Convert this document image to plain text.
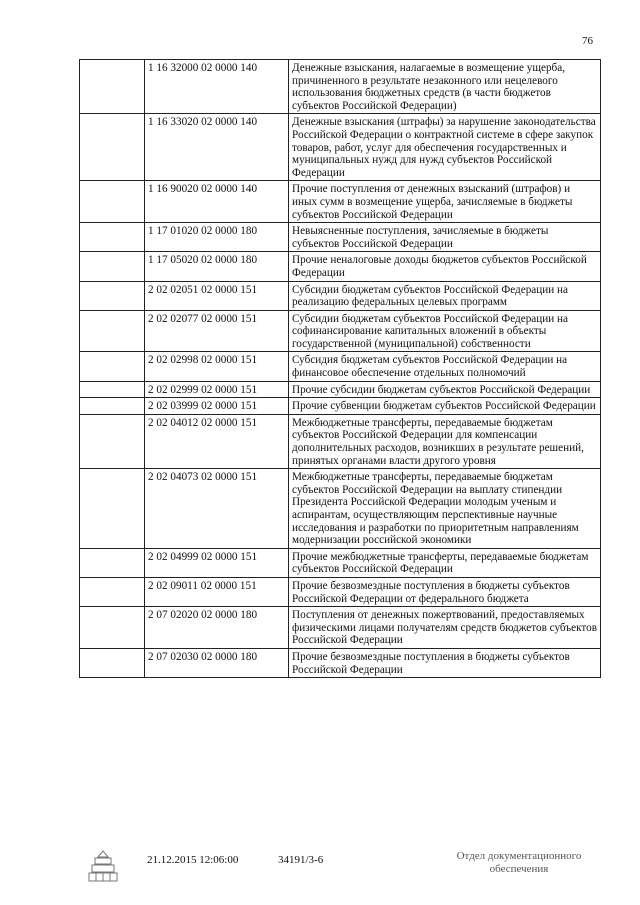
76
	1 16 32000 02 0000 140	Денежные взыскания, налагаемые в возмещение ущерба, причиненного в результате незаконного или нецелевого использования бюджетных средств (в части бюджетов субъектов Российской Федерации)
	1 16 33020 02 0000 140	Денежные взыскания (штрафы) за нарушение законодательства Российской Федерации о контрактной системе в сфере закупок товаров, работ, услуг для обеспечения государственных и муниципальных нужд для нужд субъектов Российской Федерации
	1 16 90020 02 0000 140	Прочие поступления от денежных взысканий (штрафов) и иных сумм в возмещение ущерба, зачисляемые в бюджеты субъектов Российской Федерации
	1 17 01020 02 0000 180	Невыясненные поступления, зачисляемые в бюджеты субъектов Российской Федерации
	1 17 05020 02 0000 180	Прочие неналоговые доходы бюджетов субъектов Российской Федерации
	2 02 02051 02 0000 151	Субсидии бюджетам субъектов Российской Федерации на реализацию федеральных целевых программ
	2 02 02077 02 0000 151	Субсидии бюджетам субъектов Российской Федерации на софинансирование капитальных вложений в объекты государственной (муниципальной) собственности
	2 02 02998 02 0000 151	Субсидия бюджетам субъектов Российской Федерации на финансовое обеспечение отдельных полномочий
	2 02 02999 02 0000 151	Прочие субсидии бюджетам субъектов Российской Федерации
	2 02 03999 02 0000 151	Прочие субвенции бюджетам субъектов Российской Федерации
	2 02 04012 02 0000 151	Межбюджетные трансферты, передаваемые бюджетам субъектов Российской Федерации для компенсации дополнительных расходов, возникших в результате решений, принятых органами власти другого уровня
	2 02 04073 02 0000 151	Межбюджетные трансферты, передаваемые бюджетам субъектов Российской Федерации на выплату стипендии Президента Российской Федерации молодым ученым и аспирантам, осуществляющим перспективные научные исследования и разработки по приоритетным направлениям модернизации российской экономики
	2 02 04999 02 0000 151	Прочие межбюджетные трансферты, передаваемые бюджетам субъектов Российской Федерации
	2 02 09011 02 0000 151	Прочие безвозмездные поступления в бюджеты субъектов Российской Федерации от федерального бюджета
	2 07 02020 02 0000 180	Поступления от денежных пожертвований, предоставляемых физическими лицами получателям средств бюджетов субъектов Российской Федерации
	2 07 02030 02 0000 180	Прочие безвозмездные поступления в бюджеты субъектов Российской Федерации
21.12.2015 12:06:00	34191/3-6	Отдел документационного
обеспечения
